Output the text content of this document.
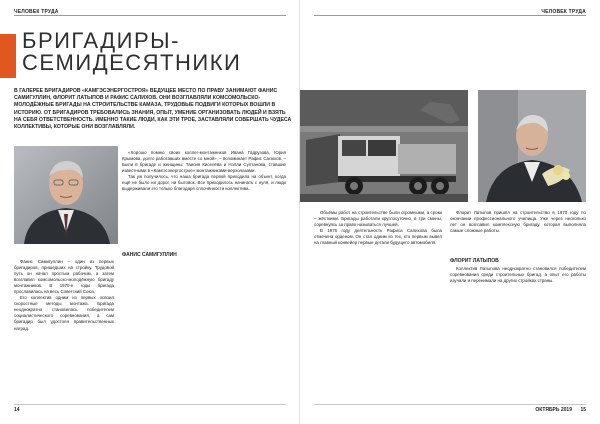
ЧЕЛОВЕК ТРУДА
БРИГАДИРЫ-
СЕМИДЕСЯТНИКИ
В ГАЛЕРЕЕ БРИГАДИРОВ «КАМГЭСЭНЕРГОСТРОЯ» ВЕДУЩЕЕ МЕСТО ПО ПРАВУ ЗАНИМАЮТ ФАНИС САМИГУЛЛИН, ФЛОРИТ ЛАТЫПОВ И РАФИС САЛИХОВ. ОНИ ВОЗГЛАВЛЯЛИ КОМСОМОЛЬСКО-МОЛОДЁЖНЫЕ БРИГАДЫ НА СТРОИТЕЛЬСТВЕ КАМАЗА, ТРУДОВЫЕ ПОДВИГИ КОТОРЫХ ВОШЛИ В ИСТОРИЮ. ОТ БРИГАДИРОВ ТРЕБОВАЛИСЬ ЗНАНИЯ, ОПЫТ, УМЕНИЕ ОРГАНИЗОВАТЬ ЛЮДЕЙ И ВЗЯТЬ НА СЕБЯ ОТВЕТСТВЕННОСТЬ. ИМЕННО ТАКИЕ ЛЮДИ, КАК ЭТИ ТРОЕ, ЗАСТАВЛЯЛИ СОВЕРШАТЬ ЧУДЕСА КОЛЛЕКТИВЫ, КОТОРЫЕ ОНИ ВОЗГЛАВЛЯЛИ.
ФАНИС САМИГУЛЛИН

Фанис Самигуллин – один из первых бригадиров, пришедших на стройку. Трудовой путь он начал простым рабочим, а затем возглавил комсомольско-молодёжную бригаду монтажников. В 1970-е годы бригада прославилась на весь Советский Союз.

Его коллектив одним из первых освоил скоростные методы монтажа. Бригада неоднократно становилась победителем социалистического соревнования, а сам бригадир был удостоен правительственных наград.

«Хорошо помню своих коллег-монтажников Ивана Гадрузова, Юрия Крымова, долго работавших вместе со мной», – вспоминает Рафис Салихов. – Были в бригаде и женщины: Таисия Киселёва и Нэлли Султанова, ставшие известными в «Камгэсэнергострое» монтажниками-верхолазами.

Так уж получилось, что наша бригада первой приходила на объект, когда ещё не было ни дорог, ни бытовок. Все приходилось начинать с нуля, и люди выдерживали это только благодаря сплочённости коллектива.

14
ЧЕЛОВЕК ТРУДА

Объёмы работ на строительстве были огромными, а сроки – жёсткими. Бригады работали круглосуточно, в три смены, соревнуясь за право называться лучшей.

В 1976 году деятельность Рафиса Салихова была отмечена орденом. Он стал одним из тех, кто первым вывел на главный конвейер первые детали будущего автомобиля.

ФЛОРИТ ЛАТЫПОВ

Флорит Латыпов пришёл на строительство в 1970 году по окончании профессионального училища. Уже через несколько лет он возглавил комплексную бригаду, которая выполняла самые сложные работы.

Коллектив Латыпова неоднократно становился победителем соревнования среди строительных бригад, а опыт его работы изучали и перенимали на других стройках страны.

ОКТЯБРЬ 2019 15
